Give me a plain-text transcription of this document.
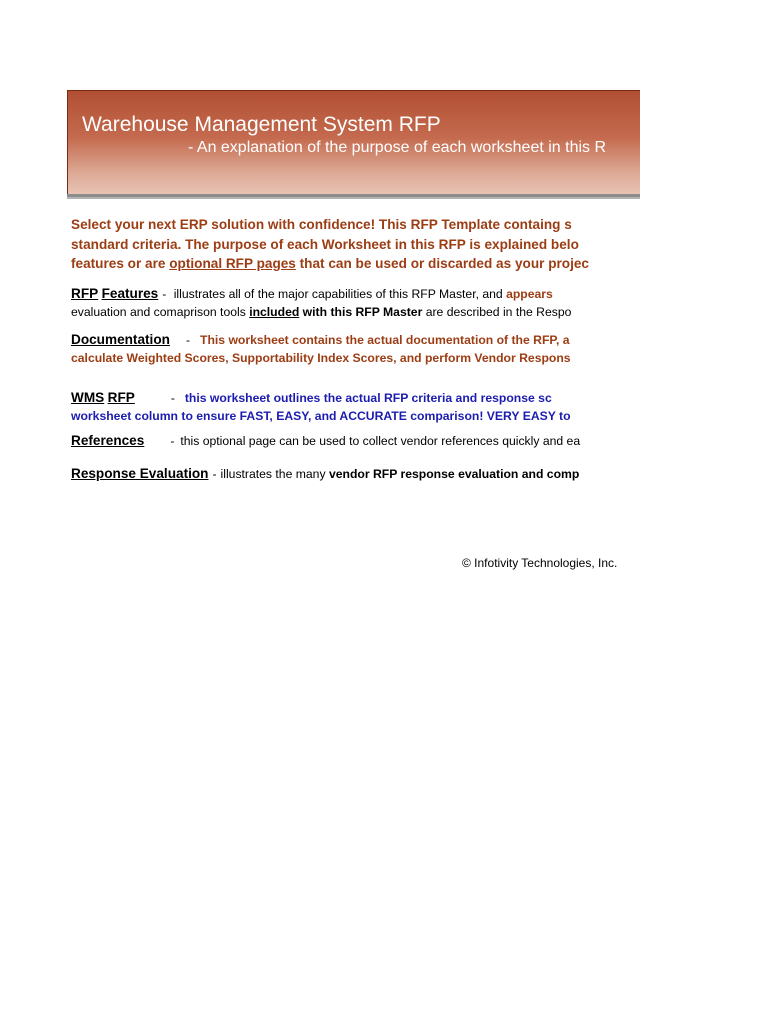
Warehouse Management System RFP
- An explanation of the purpose of each worksheet in this R
Select your next ERP solution with confidence! This RFP Template containg s
standard criteria. The purpose of each Worksheet in this RFP is explained belo
features or are optional RFP pages that can be used or discarded as your projec
RFP Features - illustrates all of the major capabilities of this RFP Master, and appears
evaluation and comaprison tools included with this RFP Master are described in the Respo
Documentation - This worksheet contains the actual documentation of the RFP, a
calculate Weighted Scores, Supportability Index Scores, and perform Vendor Respons
WMS RFP	- this worksheet outlines the actual RFP criteria and response sc
worksheet column to ensure FAST, EASY, and ACCURATE comparison! VERY EASY to
References - this optional page can be used to collect vendor references quickly and ea
Response Evaluation - illustrates the many vendor RFP response evaluation and comp
© Infotivity Technologies, Inc.
